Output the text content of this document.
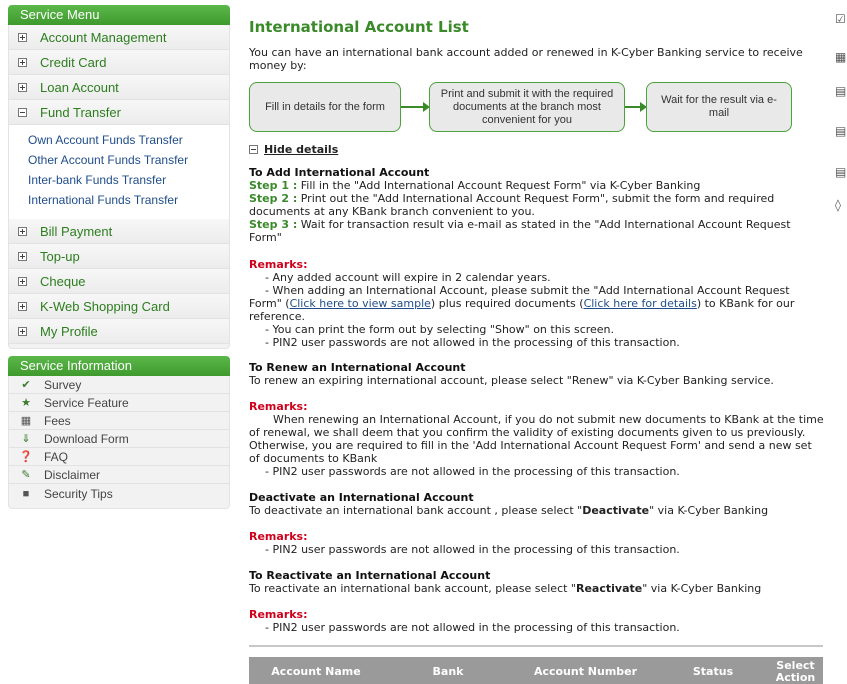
Service Menu
Account Management
Credit Card
Loan Account
Fund Transfer
Own Account Funds Transfer
Other Account Funds Transfer
Inter-bank Funds Transfer
International Funds Transfer
Bill Payment
Top-up
Cheque
K-Web Shopping Card
My Profile
Service Information
✔ Survey
★ Service Feature
▦ Fees
⇓ Download Form
❓ FAQ
✎ Disclaimer
■	Security Tips
International Account List
You can have an international bank account added or renewed in K-Cyber Banking service to receive money by:
Fill in details for the form
Print and submit it with the required documents at the branch most convenient for you
Wait for the result via e-mail
Hide details
To Add International Account
Step 1 : Fill in the "Add International Account Request Form" via K-Cyber Banking
Step 2 : Print out the "Add International Account Request Form", submit the form and required documents at any KBank branch convenient to you.
Step 3 : Wait for transaction result via e-mail as stated in the "Add International Account Request Form"
Remarks:
- Any added account will expire in 2 calendar years.
- When adding an International Account, please submit the "Add International Account Request Form" (Click here to view sample) plus required documents (Click here for details) to KBank for our reference.
- You can print the form out by selecting "Show" on this screen.
- PIN2 user passwords are not allowed in the processing of this transaction.
To Renew an International Account
To renew an expiring international account, please select "Renew" via K-Cyber Banking service.
Remarks:
When renewing an International Account, if you do not submit new documents to KBank at the time of renewal, we shall deem that you confirm the validity of existing documents given to us previously. Otherwise, you are required to fill in the 'Add International Account Request Form' and send a new set of documents to KBank
- PIN2 user passwords are not allowed in the processing of this transaction.
Deactivate an International Account
To deactivate an international bank account , please select "Deactivate" via K-Cyber Banking
Remarks:
- PIN2 user passwords are not allowed in the processing of this transaction.
To Reactivate an International Account
To reactivate an international bank account, please select "Reactivate" via K-Cyber Banking
Remarks:
- PIN2 user passwords are not allowed in the processing of this transaction.
Account Name	Bank	Account Number	Status	Select Action
☑
▦
▤
▤
▤
◊
